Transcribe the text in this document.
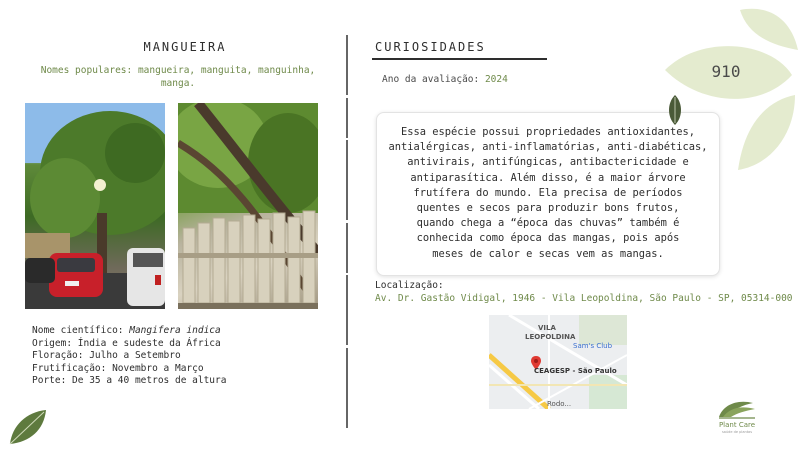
MANGUEIRA
Nomes populares: mangueira, manguita, manguinha, manga.
Nome científico: Mangifera indica
Origem: Índia e sudeste da África
Floração: Julho a Setembro
Frutificação: Novembro a Março
Porte: De 35 a 40 metros de altura
CURIOSIDADES
Ano da avaliação: 2024
Essa espécie possui propriedades antioxidantes,
antialérgicas, anti-inflamatórias, anti-diabéticas,
antivirais, antifúngicas, antibactericidade e
antiparasítica. Além disso, é a maior árvore
frutífera do mundo. Ela precisa de períodos
quentes e secos para produzir bons frutos,
quando chega a “época das chuvas” também é
conhecida como época das mangas, pois após
meses de calor e secas vem as mangas.
Localização:
Av. Dr. Gastão Vidigal, 1946 - Vila Leopoldina, São Paulo - SP, 05314-000
VILA
LEOPOLDINA
Sam's Club
CEAGESP - São Paulo
Rodo...
910
Plant Care
saúde de plantas
